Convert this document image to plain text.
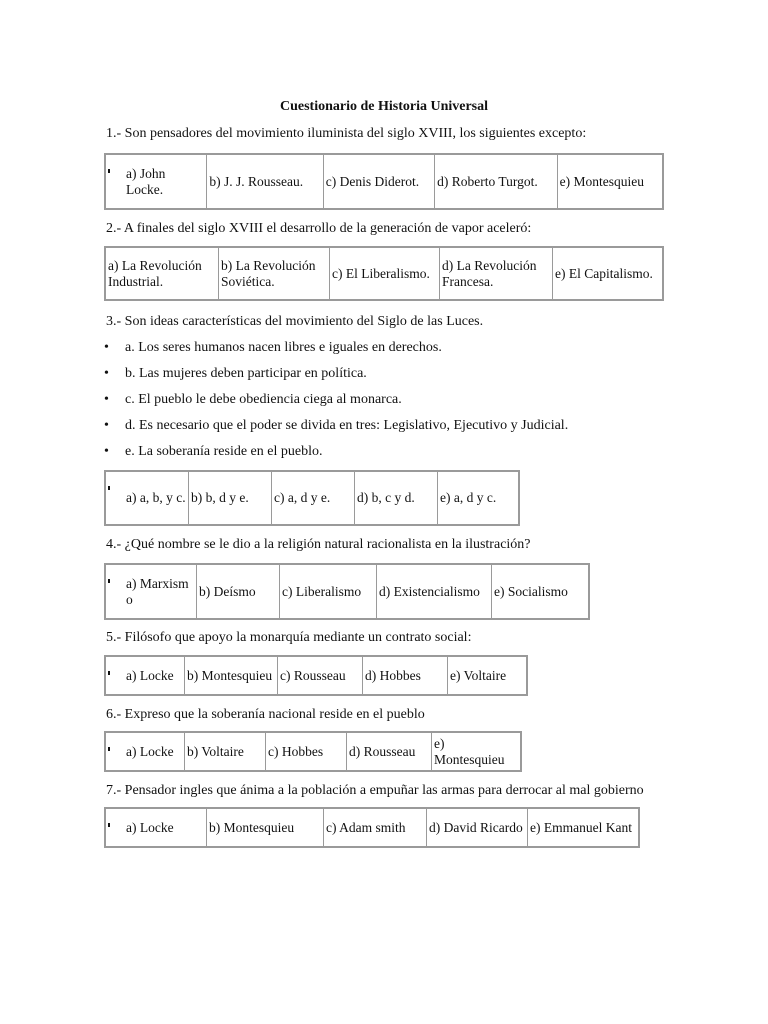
Cuestionario de Historia Universal
1.- Son pensadores del movimiento iluminista del siglo XVIII, los siguientes excepto:
a) John Locke.	b) J. J. Rousseau.	c) Denis Diderot.	d) Roberto Turgot.	e) Montesquieu
2.- A finales del siglo XVIII el desarrollo de la generación de vapor aceleró:
a) La Revolución Industrial.	b) La Revolución Soviética.	c) El Liberalismo.	d) La Revolución Francesa.	e) El Capitalismo.
3.- Son ideas características del movimiento del Siglo de las Luces.
• a. Los seres humanos nacen libres e iguales en derechos.
• b. Las mujeres deben participar en política.
• c. El pueblo le debe obediencia ciega al monarca.
• d. Es necesario que el poder se divida en tres: Legislativo, Ejecutivo y Judicial.
• e. La soberanía reside en el pueblo.
a) a, b, y c.	b) b, d y e.	c) a, d y e.	d) b, c y d.	e) a, d y c.
4.- ¿Qué nombre se le dio a la religión natural racionalista en la ilustración?
a) Marxism o	b) Deísmo	c) Liberalismo	d) Existencialismo	e) Socialismo
5.- Filósofo que apoyo la monarquía mediante un contrato social:
a) Locke	b) Montesquieu	c) Rousseau	d) Hobbes	e) Voltaire
6.- Expreso que la soberanía nacional reside en el pueblo
a) Locke	b) Voltaire	c) Hobbes	d) Rousseau	e) Montesquieu
7.- Pensador ingles que ánima a la población a empuñar las armas para derrocar al mal gobierno
a) Locke	b) Montesquieu	c) Adam smith	d) David Ricardo	e) Emmanuel Kant
